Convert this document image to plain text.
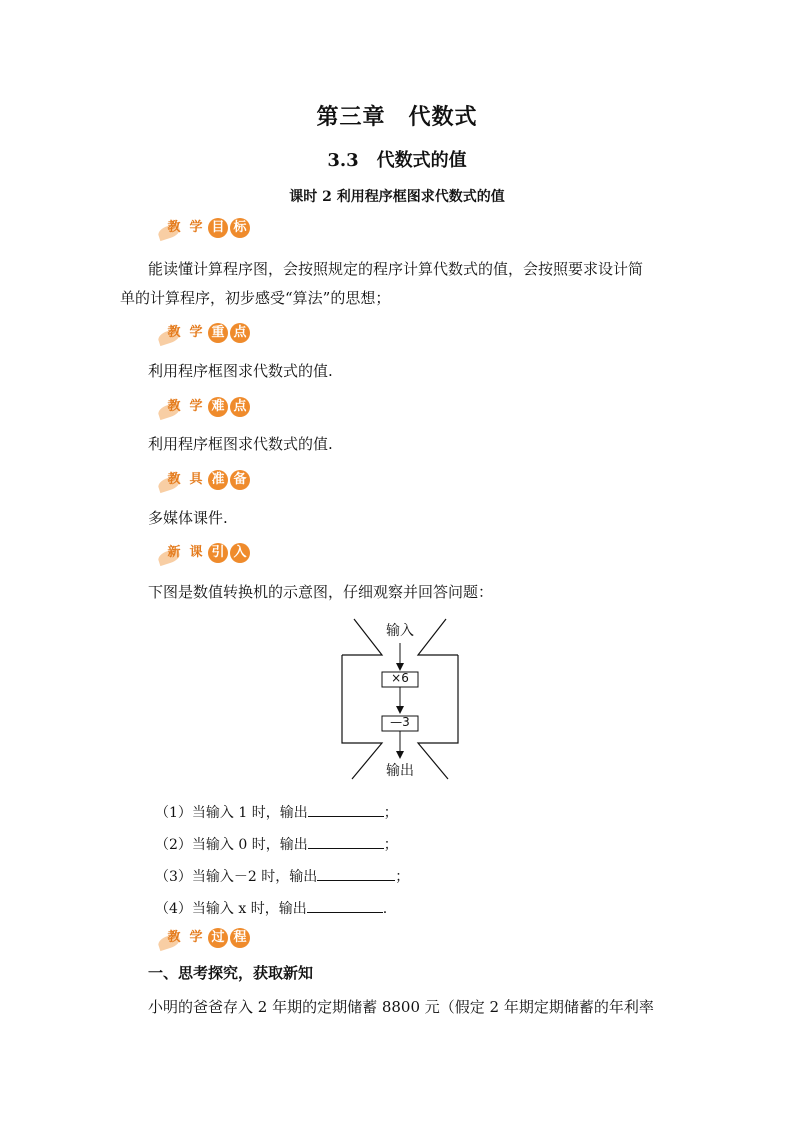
第三章　代数式
3.3　代数式的值
课时 2 利用程序框图求代数式的值
教 学 目 标
能读懂计算程序图，会按照规定的程序计算代数式的值，会按照要求设计简
单的计算程序，初步感受“算法”的思想；
教 学 重 点
利用程序框图求代数式的值.
教 学 难 点
利用程序框图求代数式的值.
教 具 准 备
多媒体课件.
新 课 引 入
下图是数值转换机的示意图，仔细观察并回答问题：
输入
×6
—3
输出
（1）当输入 1 时，输出	；
（2）当输入 0 时，输出	；
（3）当输入－2 时，输出	；
（4）当输入 x 时，输出	.
教 学 过 程
一、思考探究，获取新知
小明的爸爸存入 2 年期的定期储蓄 8800 元（假定 2 年期定期储蓄的年利率
